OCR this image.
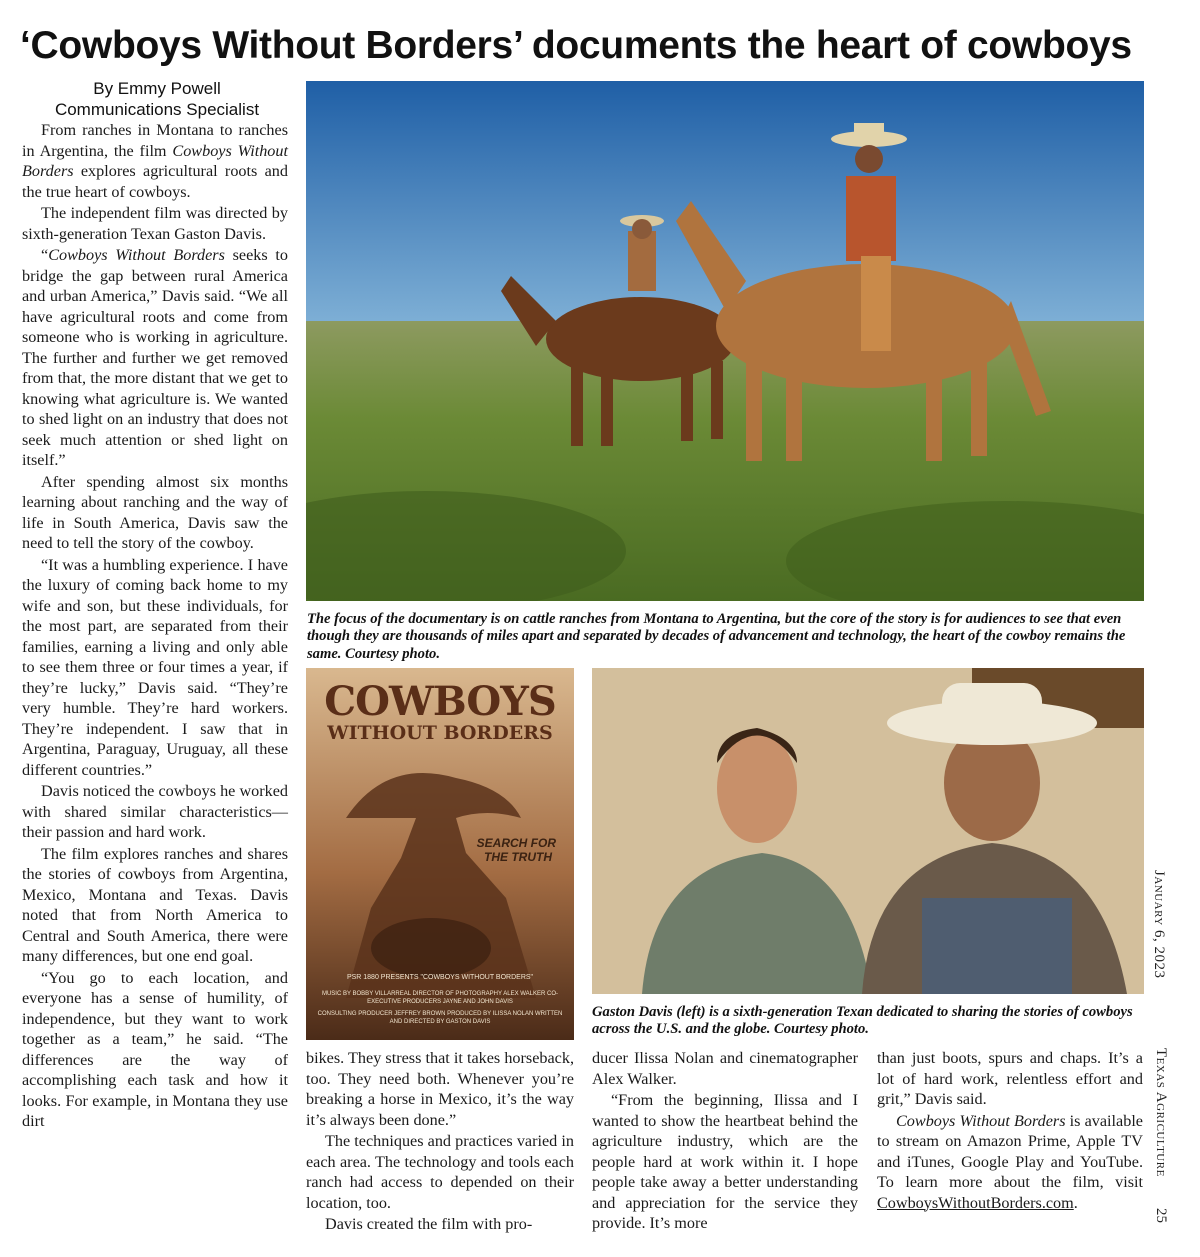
‘Cowboys Without Borders’ documents the heart of cowboys
By Emmy Powell
Communications Specialist

From ranches in Montana to ranches in Argentina, the film Cowboys Without Borders explores agricultural roots and the true heart of cowboys.

The independent film was directed by sixth-generation Texan Gaston Davis.

“Cowboys Without Borders seeks to bridge the gap between rural America and urban America,” Davis said. “We all have agricultural roots and come from someone who is working in agriculture. The further and further we get removed from that, the more distant that we get to knowing what agriculture is. We wanted to shed light on an industry that does not seek much attention or shed light on itself.”

After spending almost six months learning about ranching and the way of life in South America, Davis saw the need to tell the story of the cowboy.

“It was a humbling experience. I have the luxury of coming back home to my wife and son, but these individuals, for the most part, are separated from their families, earning a living and only able to see them three or four times a year, if they’re lucky,” Davis said. “They’re very humble. They’re hard workers. They’re independent. I saw that in Argentina, Paraguay, Uruguay, all these different countries.”

Davis noticed the cowboys he worked with shared similar characteristics—their passion and hard work.

The film explores ranches and shares the stories of cowboys from Argentina, Mexico, Montana and Texas. Davis noted that from North America to Central and South America, there were many differences, but one end goal.

“You go to each location, and everyone has a sense of humility, of independence, but they want to work together as a team,” he said. “The differences are the way of accomplishing each task and how it looks. For example, in Montana they use dirt

The focus of the documentary is on cattle ranches from Montana to Argentina, but the core of the story is for audiences to see that even though they are thousands of miles apart and separated by decades of advancement and technology, the heart of the cowboy remains the same. Courtesy photo.
COWBOYS
WITHOUT BORDERS
SEARCH FOR
THE TRUTH
PSR 1880 PRESENTS "COWBOYS WITHOUT BORDERS"
MUSIC BY BOBBY VILLARREAL DIRECTOR OF PHOTOGRAPHY ALEX WALKER CO-EXECUTIVE PRODUCERS JAYNE AND JOHN DAVIS
CONSULTING PRODUCER JEFFREY BROWN PRODUCED BY ILISSA NOLAN WRITTEN AND DIRECTED BY GASTON DAVIS
Gaston Davis (left) is a sixth-generation Texan dedicated to sharing the stories of cowboys across the U.S. and the globe. Courtesy photo.

bikes. They stress that it takes horseback, too. They need both. Whenever you’re breaking a horse in Mexico, it’s the way it’s always been done.”

The techniques and practices varied in each area. The technology and tools each ranch had access to depended on their location, too.

Davis created the film with pro-

ducer Ilissa Nolan and cinematographer Alex Walker.

“From the beginning, Ilissa and I wanted to show the heartbeat behind the agriculture industry, which are the people hard at work within it. I hope people take away a better understanding and appreciation for the service they provide. It’s more

than just boots, spurs and chaps. It’s a lot of hard work, relentless effort and grit,” Davis said.

Cowboys Without Borders is available to stream on Amazon Prime, Apple TV and iTunes, Google Play and YouTube. To learn more about the film, visit CowboysWithoutBorders.com.

January 6, 2023
Texas Agriculture
25
